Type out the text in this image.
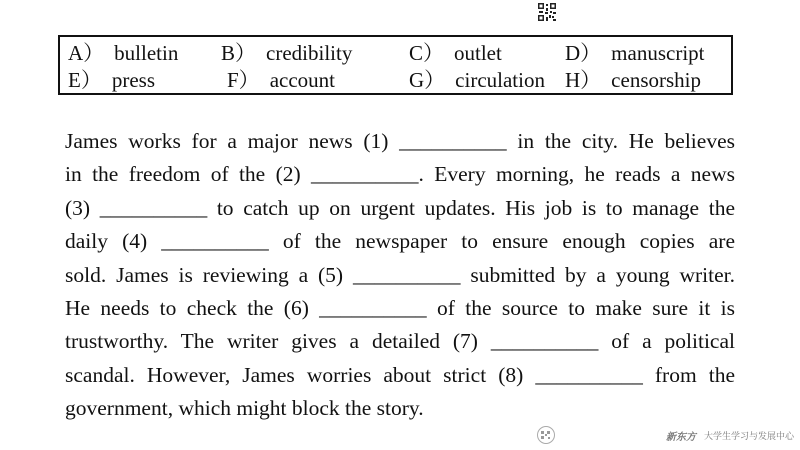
A） bulletin B） credibility	C） outlet	D） manuscript
E） press	F） account	G） circulation H） censorship
James works for a major news (1) __________ in the city. He believes
in the freedom of the (2) __________. Every morning, he reads a news
(3) __________ to catch up on urgent updates. His job is to manage the
daily (4) __________ of the newspaper to ensure enough copies are
sold. James is reviewing a (5) __________ submitted by a young writer.
He needs to check the (6) __________ of the source to make sure it is
trustworthy. The writer gives a detailed (7) __________ of a political
scandal. However, James worries about strict (8) __________ from the
government, which might block the story.
新东方 大学生学习与发展中心
